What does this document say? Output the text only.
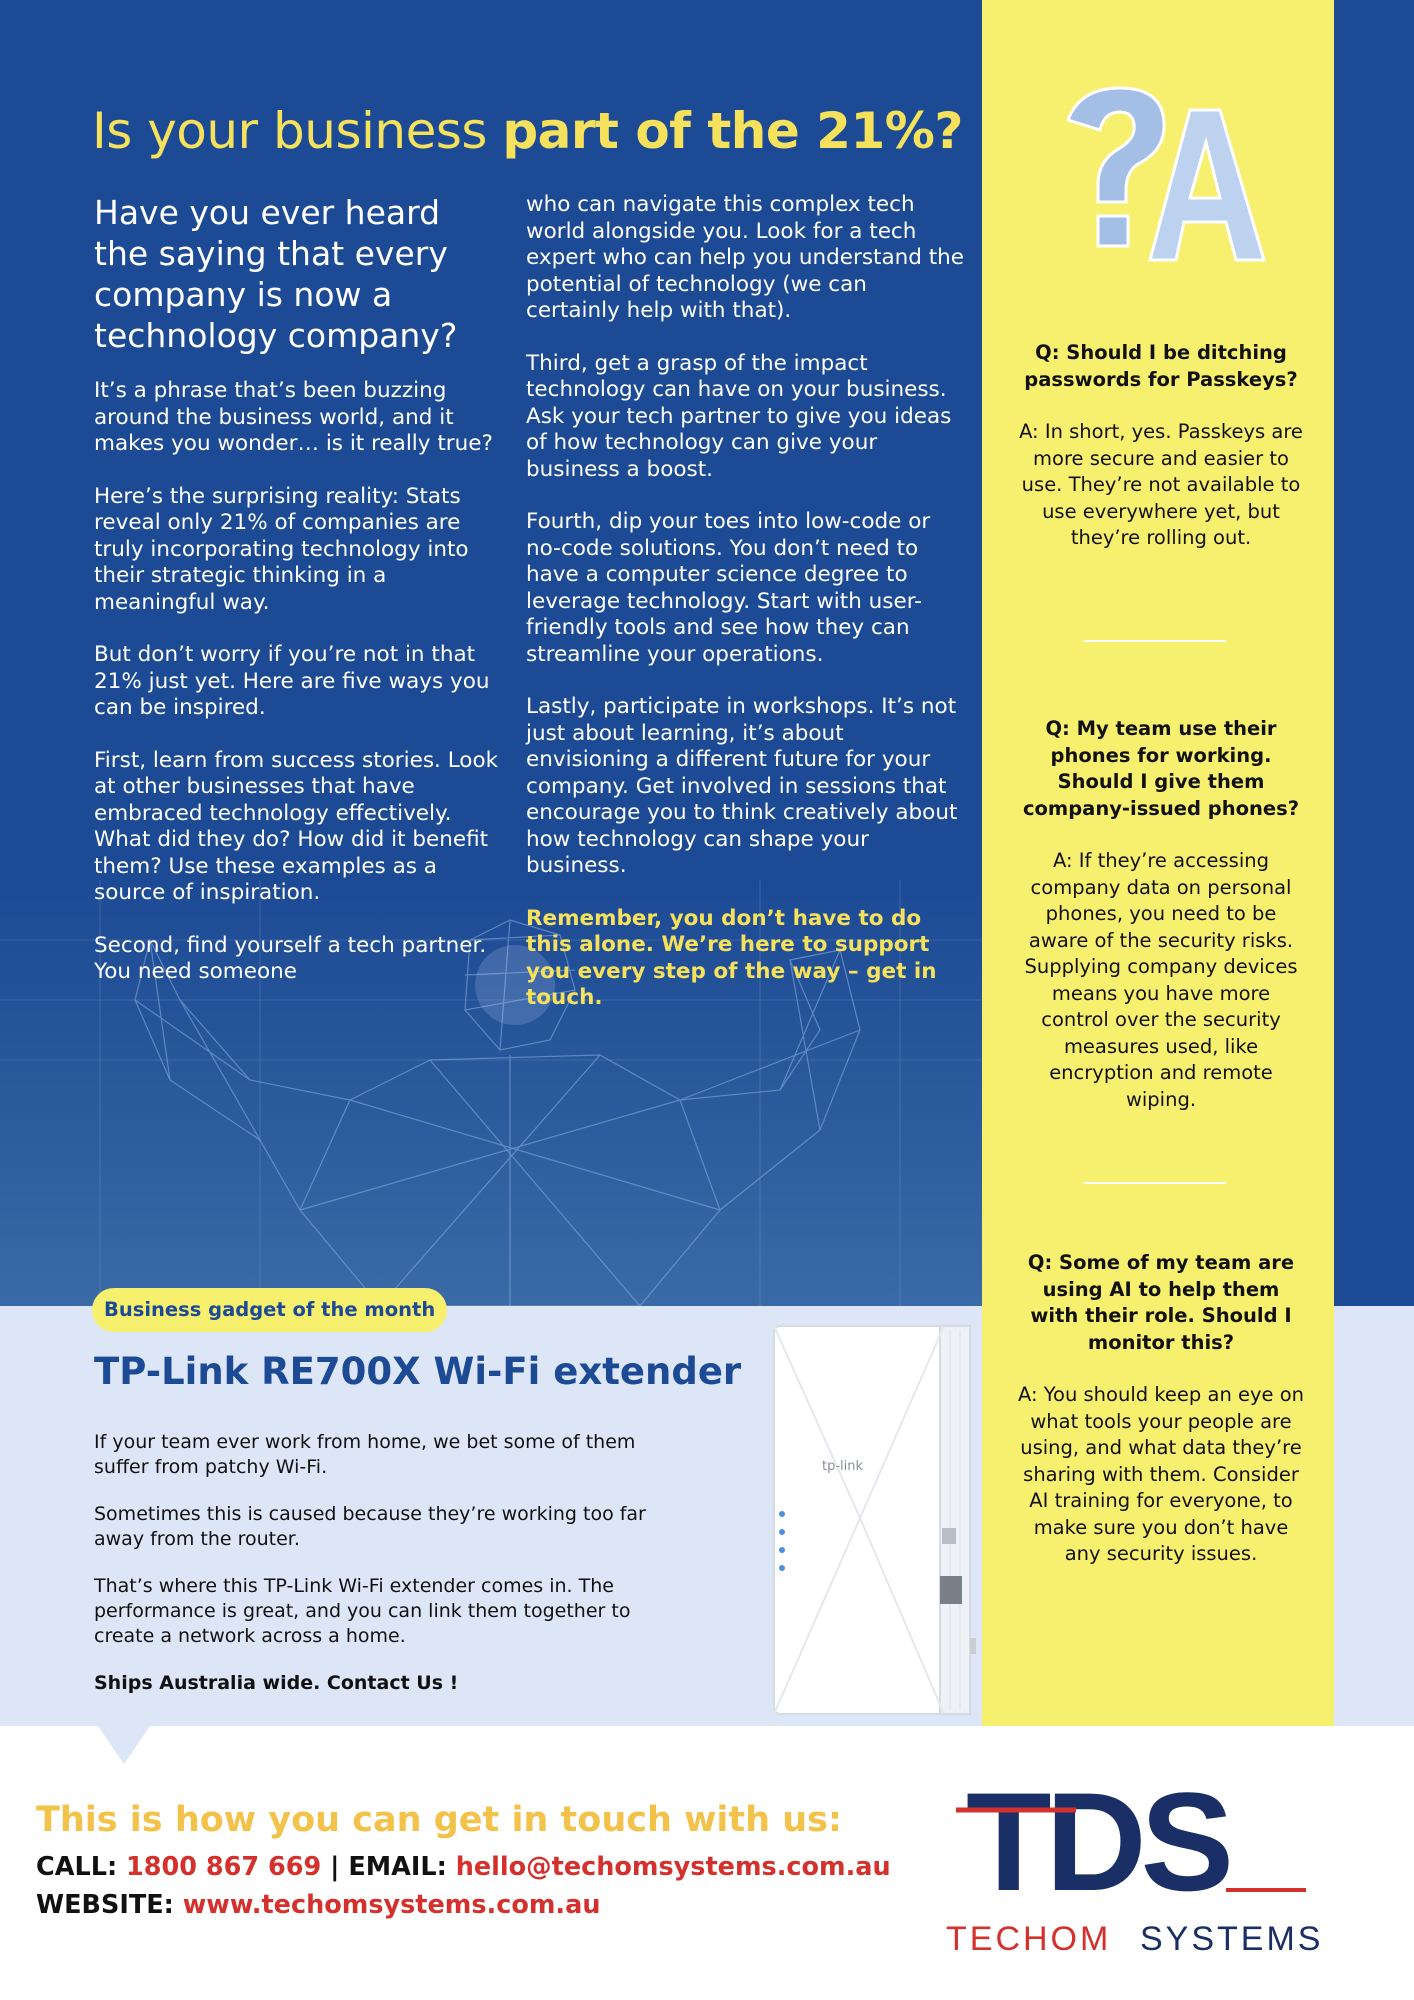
Is your business part of the 21%?

Have you ever heard the saying that every company is now a technology company?

It’s a phrase that’s been buzzing around the business world, and it makes you wonder… is it really true?

Here’s the surprising reality: Stats reveal only 21% of companies are truly incorporating technology into their strategic thinking in a meaningful way.

But don’t worry if you’re not in that 21% just yet. Here are five ways you can be inspired.

First, learn from success stories. Look at other businesses that have embraced technology effectively. What did they do? How did it benefit them? Use these examples as a source of inspiration.

Second, find yourself a tech partner. You need someone

who can navigate this complex tech world alongside you. Look for a tech expert who can help you understand the potential of technology (we can certainly help with that).

Third, get a grasp of the impact technology can have on your business. Ask your tech partner to give you ideas of how technology can give your business a boost.

Fourth, dip your toes into low-code or no-code solutions. You don’t need to have a computer science degree to leverage technology. Start with user-friendly tools and see how they can streamline your operations.

Lastly, participate in workshops. It’s not just about learning, it’s about envisioning a different future for your company. Get involved in sessions that encourage you to think creatively about how technology can shape your business.

Remember, you don’t have to do this alone. We’re here to support you every step of the way – get in touch.

Q: Should I be ditching passwords for Passkeys?

A: In short, yes. Passkeys are more secure and easier to use. They’re not available to use everywhere yet, but they’re rolling out.

Q: My team use their phones for working. Should I give them company-issued phones?

A: If they’re accessing company data on personal phones, you need to be aware of the security risks. Supplying company devices means you have more control over the security measures used, like encryption and remote wiping.

Q: Some of my team are using AI to help them with their role. Should I monitor this?

A: You should keep an eye on what tools your people are using, and what data they’re sharing with them. Consider AI training for everyone, to make sure you don’t have any security issues.

Business gadget of the month
TP-Link RE700X Wi-Fi extender

If your team ever work from home, we bet some of them suffer from patchy Wi-Fi.

Sometimes this is caused because they’re working too far away from the router.

That’s where this TP-Link Wi-Fi extender comes in. The performance is great, and you can link them together to create a network across a home.

Ships Australia wide. Contact Us !

tp-link
This is how you can get in touch with us:
CALL: 1800 867 669 | EMAIL: hello@techomsystems.com.au
WEBSITE: www.techomsystems.com.au	TDS
TECHOM SYSTEMS
